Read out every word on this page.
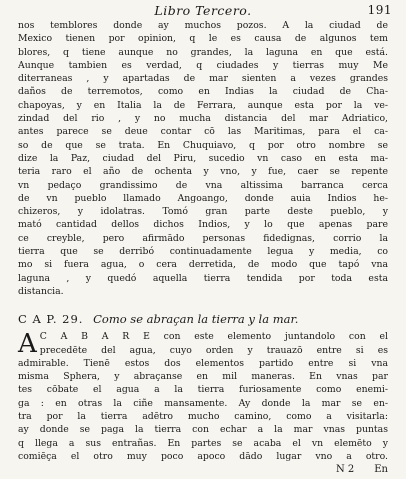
Libro Tercero.	191
nos temblores donde ay muchos pozos. A la ciudad de
Mexico tienen por opinion, q le es causa de algunos tem
blores, q tiene aunque no grandes, la laguna en que está.
Aunque tambien es verdad, q ciudades y tierras muy Me
diterraneas , y apartadas de mar sienten a vezes grandes
daños de terremotos, como en Indias la ciudad de Cha-
chapoyas, y en Italia la de Ferrara, aunque esta por la ve-
zindad del rio , y no mucha distancia del mar Adriatico,
antes parece se deue contar cō las Maritimas, para el ca-
so de que se trata. En Chuquiavo, q por otro nombre se
dize la Paz, ciudad del Piru, sucedio vn caso en esta ma-
teria raro el año de ochenta y vno, y fue, caer se repente
vn pedaço grandissimo de vna altissima barranca cerca
de vn pueblo llamado Angoango, donde auia Indios he-
chizeros, y idolatras. Tomó gran parte deste pueblo, y
mató cantidad dellos dichos Indios, y lo que apenas pare
ce creyble, pero afirmādo personas fidedignas, corrio la
tierra que se derribó continuadamente legua y media, co
mo si fuera agua, o cera derretida, de modo que tapó vna
laguna , y quedó aquella tierra tendida por toda esta
distancia.
C A P. 29. Como se abraçan la tierra y la mar.
A C A B A R E con este elemento juntandolo con el
precedēte del agua, cuyo orden y trauazō entre si es
admirable. Tienē estos dos elementos partido entre si vna
misma Sphera, y abraçanse en mil maneras. En vnas par
tes cōbate el agua a la tierra furiosamente como enemi-
ga : en otras la ciñe mansamente. Ay donde la mar se en-
tra por la tierra adētro mucho camino, como a visitarla:
ay donde se paga la tierra con echar a la mar vnas puntas
q llega a sus entrañas. En partes se acaba el vn elemēto y
comiēça el otro muy poco apoco dādo lugar vno a otro.
N 2 En
